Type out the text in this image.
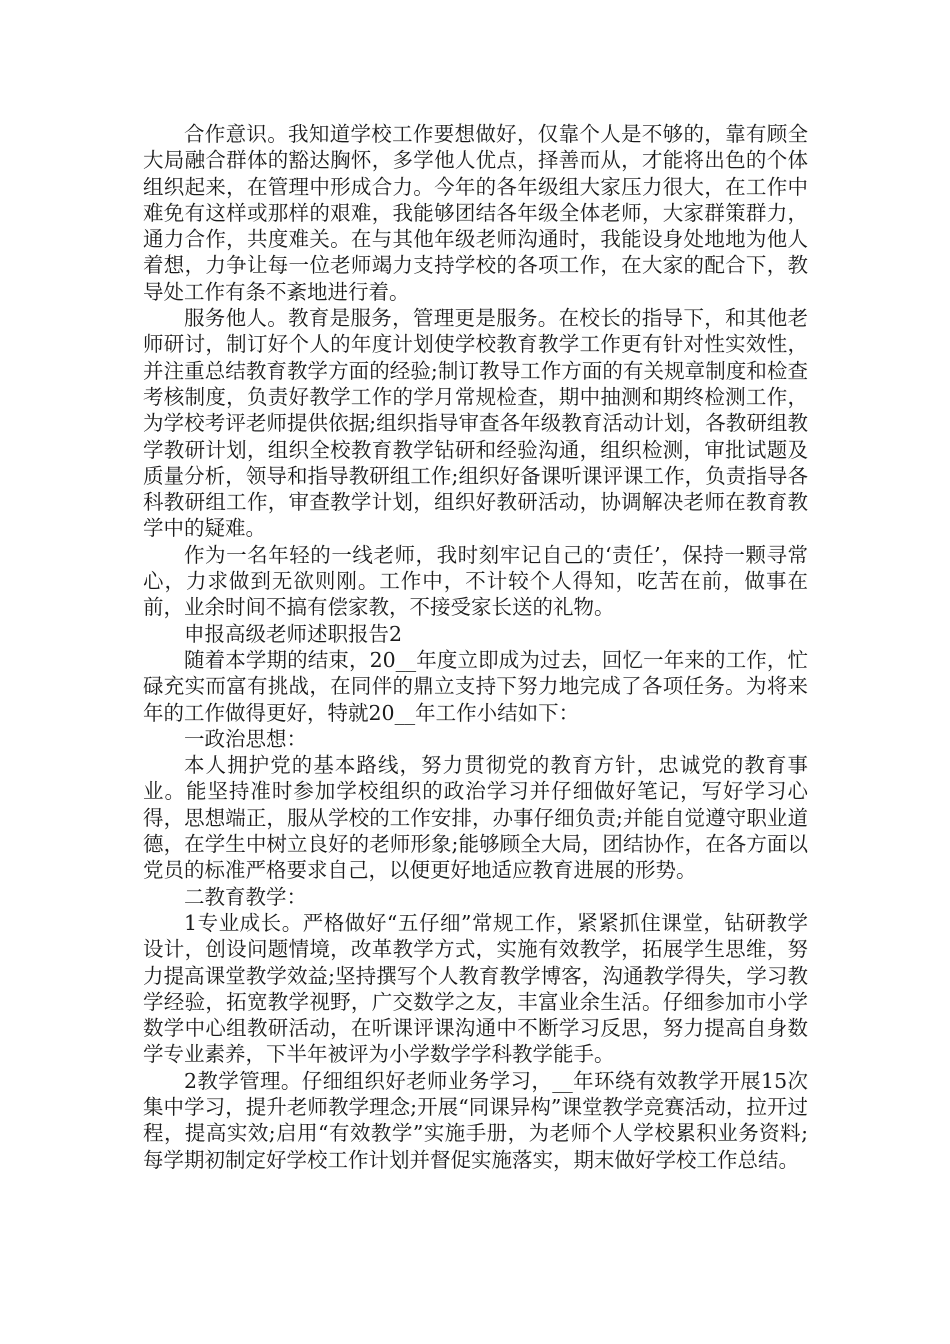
合作意识。我知道学校工作要想做好，仅靠个人是不够的，靠有顾全大局融合群体的豁达胸怀，多学他人优点，择善而从，才能将出色的个体组织起来，在管理中形成合力。今年的各年级组大家压力很大，在工作中难免有这样或那样的艰难，我能够团结各年级全体老师，大家群策群力，通力合作，共度难关。在与其他年级老师沟通时，我能设身处地地为他人着想，力争让每一位老师竭力支持学校的各项工作，在大家的配合下，教导处工作有条不紊地进行着。

服务他人。教育是服务，管理更是服务。在校长的指导下，和其他老师研讨，制订好个人的年度计划使学校教育教学工作更有针对性实效性，并注重总结教育教学方面的经验;制订教导工作方面的有关规章制度和检查考核制度，负责好教学工作的学月常规检查，期中抽测和期终检测工作，为学校考评老师提供依据;组织指导审查各年级教育活动计划，各教研组教学教研计划，组织全校教育教学钻研和经验沟通，组织检测，审批试题及质量分析，领导和指导教研组工作;组织好备课听课评课工作，负责指导各科教研组工作，审查教学计划，组织好教研活动，协调解决老师在教育教学中的疑难。

作为一名年轻的一线老师，我时刻牢记自己的‘责任’，保持一颗寻常心，力求做到无欲则刚。工作中，不计较个人得知，吃苦在前，做事在前，业余时间不搞有偿家教，不接受家长送的礼物。

申报高级老师述职报告2

随着本学期的结束，20__年度立即成为过去，回忆一年来的工作，忙碌充实而富有挑战，在同伴的鼎立支持下努力地完成了各项任务。为将来年的工作做得更好，特就20__年工作小结如下：

一政治思想：

本人拥护党的基本路线，努力贯彻党的教育方针，忠诚党的教育事业。能坚持准时参加学校组织的政治学习并仔细做好笔记，写好学习心得，思想端正，服从学校的工作安排，办事仔细负责;并能自觉遵守职业道德，在学生中树立良好的老师形象;能够顾全大局，团结协作，在各方面以党员的标准严格要求自己，以便更好地适应教育进展的形势。

二教育教学：

1专业成长。严格做好“五仔细”常规工作，紧紧抓住课堂，钻研教学设计，创设问题情境，改革教学方式，实施有效教学，拓展学生思维，努力提高课堂教学效益;坚持撰写个人教育教学博客，沟通教学得失，学习教学经验，拓宽教学视野，广交数学之友，丰富业余生活。仔细参加市小学数学中心组教研活动，在听课评课沟通中不断学习反思，努力提高自身数学专业素养，下半年被评为小学数学学科教学能手。

2教学管理。仔细组织好老师业务学习，__年环绕有效教学开展15次集中学习，提升老师教学理念;开展“同课异构”课堂教学竞赛活动，拉开过程，提高实效;启用“有效教学”实施手册，为老师个人学校累积业务资料;每学期初制定好学校工作计划并督促实施落实，期末做好学校工作总结。
